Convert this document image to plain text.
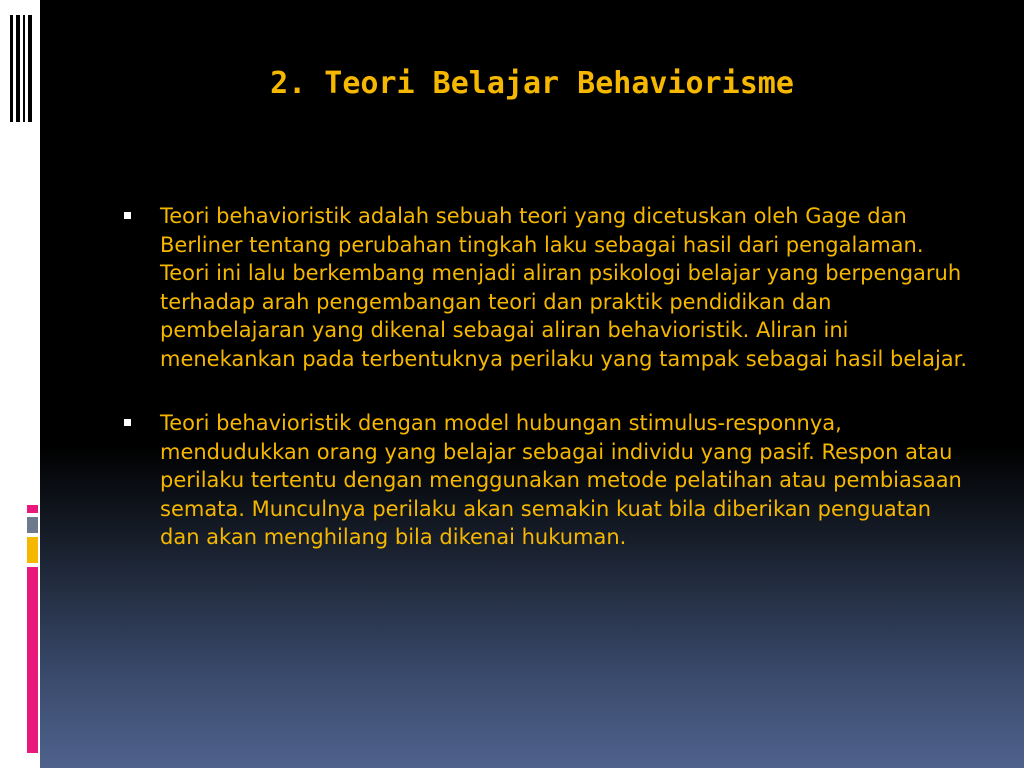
2. Teori Belajar Behaviorisme
Teori behavioristik adalah sebuah teori yang dicetuskan oleh Gage dan Berliner tentang perubahan tingkah laku sebagai hasil dari pengalaman. Teori ini lalu berkembang menjadi aliran psikologi belajar yang berpengaruh terhadap arah pengembangan teori dan praktik pendidikan dan pembelajaran yang dikenal sebagai aliran behavioristik. Aliran ini menekankan pada terbentuknya perilaku yang tampak sebagai hasil belajar.
Teori behavioristik dengan model hubungan stimulus-responnya, mendudukkan orang yang belajar sebagai individu yang pasif. Respon atau perilaku tertentu dengan menggunakan metode pelatihan atau pembiasaan semata. Munculnya perilaku akan semakin kuat bila diberikan penguatan dan akan menghilang bila dikenai hukuman.
